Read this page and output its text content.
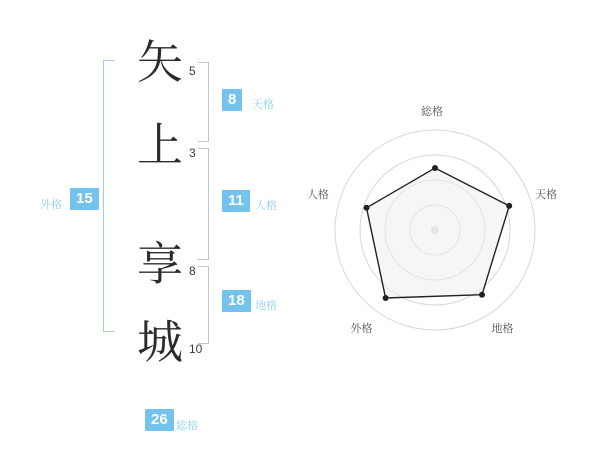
外格 15
矢 5
上 3
享 8
城 10
8	天格
11	人格
18 地格
26 総格
総格
天格
地格
外格
人格
